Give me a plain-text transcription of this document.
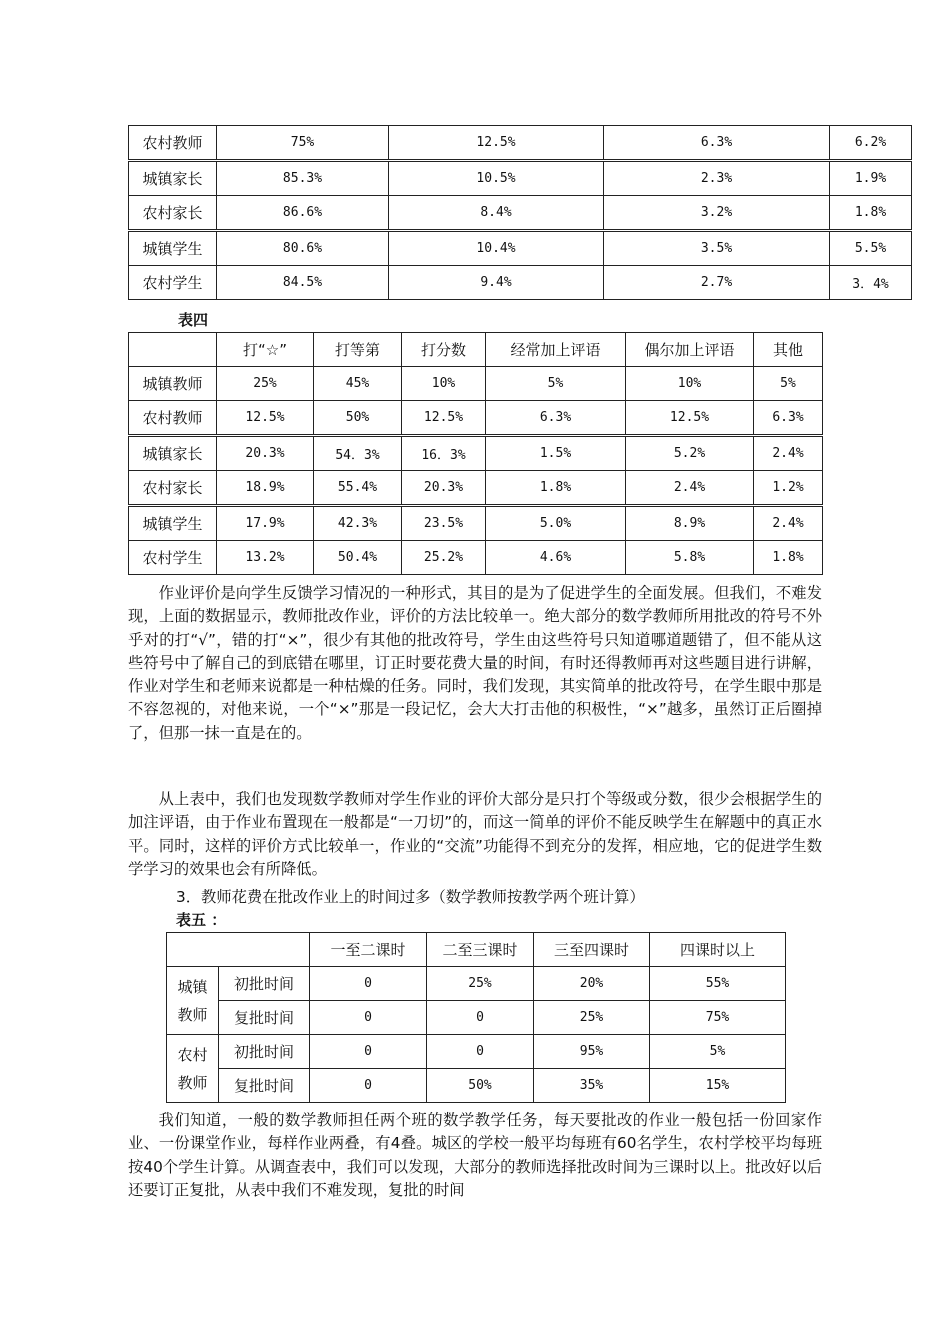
农村教师	75%	12.5%	6.3%	6.2%
城镇家长	85.3%	10.5%	2.3%	1.9%
农村家长	86.6%	8.4%	3.2%	1.8%
城镇学生	80.6%	10.4%	3.5%	5.5%
农村学生	84.5%	9.4%	2.7%	3．4%
表四
	打“☆”	打等第	打分数	经常加上评语	偶尔加上评语	其他
城镇教师	25%	45%	10%	5%	10%	5%
农村教师	12.5%	50%	12.5%	6.3%	12.5%	6.3%
城镇家长	20.3%	54．3%	16．3%	1.5%	5.2%	2.4%
农村家长	18.9%	55.4%	20.3%	1.8%	2.4%	1.2%
城镇学生	17.9%	42.3%	23.5%	5.0%	8.9%	2.4%
农村学生	13.2%	50.4%	25.2%	4.6%	5.8%	1.8%

作业评价是向学生反馈学习情况的一种形式，其目的是为了促进学生的全面发展。但我们，不难发现，上面的数据显示，教师批改作业，评价的方法比较单一。绝大部分的数学教师所用批改的符号不外乎对的打“√”，错的打“×”，很少有其他的批改符号，学生由这些符号只知道哪道题错了，但不能从这些符号中了解自己的到底错在哪里，订正时要花费大量的时间，有时还得教师再对这些题目进行讲解，作业对学生和老师来说都是一种枯燥的任务。同时，我们发现，其实简单的批改符号，在学生眼中那是不容忽视的，对他来说，一个“×”那是一段记忆，会大大打击他的积极性，“×”越多，虽然订正后圈掉了，但那一抹一直是在的。

从上表中，我们也发现数学教师对学生作业的评价大部分是只打个等级或分数，很少会根据学生的加注评语，由于作业布置现在一般都是“一刀切”的，而这一简单的评价不能反映学生在解题中的真正水平。同时，这样的评价方式比较单一，作业的“交流”功能得不到充分的发挥，相应地，它的促进学生数学学习的效果也会有所降低。

3．教师花费在批改作业上的时间过多（数学教师按教学两个班计算）
表五 ：
		一至二课时	二至三课时	三至四课时	四课时以上

城镇
教师	初批时间	0	25%	20%	55%
	复批时间	0	0	25%	75%

农村
教师	初批时间	0	0	95%	5%
	复批时间	0	50%	35%	15%

我们知道，一般的数学教师担任两个班的数学教学任务，每天要批改的作业一般包括一份回家作业、一份课堂作业，每样作业两叠，有4叠。城区的学校一般平均每班有60名学生，农村学校平均每班按40个学生计算。从调查表中，我们可以发现，大部分的教师选择批改时间为三课时以上。批改好以后还要订正复批，从表中我们不难发现，复批的时间
